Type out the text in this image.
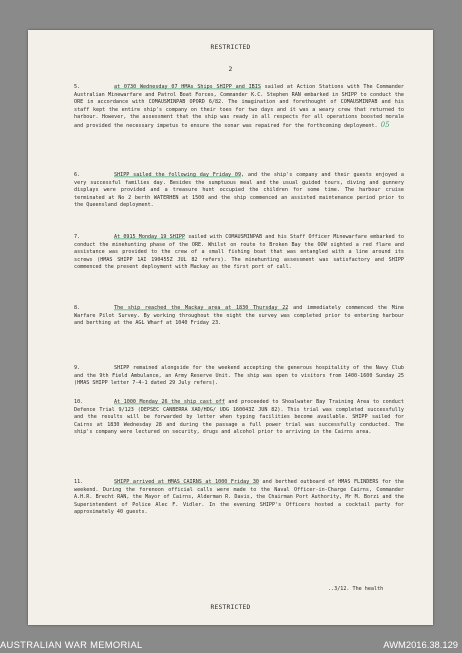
RESTRICTED
2
5.	at 0730 Wednesday 07 HMAs Ships SHIPP and IBIS sailed at Action Stations with The Commander Australian Minewarfare and Patrol Boat Forces, Commander K.C. Stephen RAN embarked in SHIPP to conduct the ORE in accordance with COMAUSMINPAB OPORD 6/82. The imagination and forethought of COMAUSMINPAB and his staff kept the entire ship's company on their toes for two days and it was a weary crew that returned to harbour. However, the assessment that the ship was ready in all respects for all operations boosted morale and provided the necessary impetus to ensure the sonar was repaired for the forthcoming deployment. 05
6.	SHIPP sailed the following day Friday 09, and the ship's company and their guests enjoyed a very successful families day. Besides the sumptuous meal and the usual guided tours, diving and gunnery displays were provided and a treasure hunt occupied the children for some time. The harbour cruise terminated at No 2 berth WATERHEN at 1500 and the ship commenced an assisted maintenance period prior to the Queensland deployment.
7.	At 0915 Monday 19 SHIPP sailed with COMAUSMINPAB and his Staff Officer Minewarfare embarked to conduct the minehunting phase of the ORE. Whilst on route to Broken Bay the OOW sighted a red flare and assistance was provided to the crew of a small fishing boat that was entangled with a line around its screws (HMAS SHIPP 1AI 190455Z JUL 82 refers). The minehunting assessment was satisfactory and SHIPP commenced the present deployment with Mackay as the first port of call.
8.	The ship reached the Mackay area at 1830 Thursday 22 and immediately commenced the Mine Warfare Pilot Survey. By working throughout the night the survey was completed prior to entering harbour and berthing at the AGL Wharf at 1040 Friday 23.
9.	SHIPP remained alongside for the weekend accepting the generous hospitality of the Navy Club and the 9th Field Ambulance, an Army Reserve Unit. The ship was open to visitors from 1400-1600 Sunday 25 (HMAS SHIPP letter 7-4-1 dated 29 July refers).
10.	At 1000 Monday 26 the ship cast off and proceeded to Shoalwater Bay Training Area to conduct Defence Trial 9/123 (DEPSEC CANBERRA XAD/HDG/ UDG 160043Z JUN 82). This trial was completed successfully and the results will be forwarded by letter when typing facilities become available. SHIPP sailed for Cairns at 1830 Wednesday 28 and during the passage a full power trial was successfully conducted. The ship's company were lectured on security, drugs and alcohol prior to arriving in the Cairns area.
11.	SHIPP arrived at HMAS CAIRNS at 1000 Friday 30 and berthed outboard of HMAS FLINDERS for the weekend. During the forenoon official calls were made to the Naval Officer-in-Charge Cairns, Commander A.H.R. Brecht RAN, the Mayor of Cairns, Alderman R. Davis, the Chairman Port Authority, Mr M. Borzi and the Superintendent of Police Alec F. Vidler. In the evening SHIPP's Officers hosted a cocktail party for approximately 40 guests.
..3/12. The health
RESTRICTED
AUSTRALIAN WAR MEMORIAL	AWM2016.38.129
